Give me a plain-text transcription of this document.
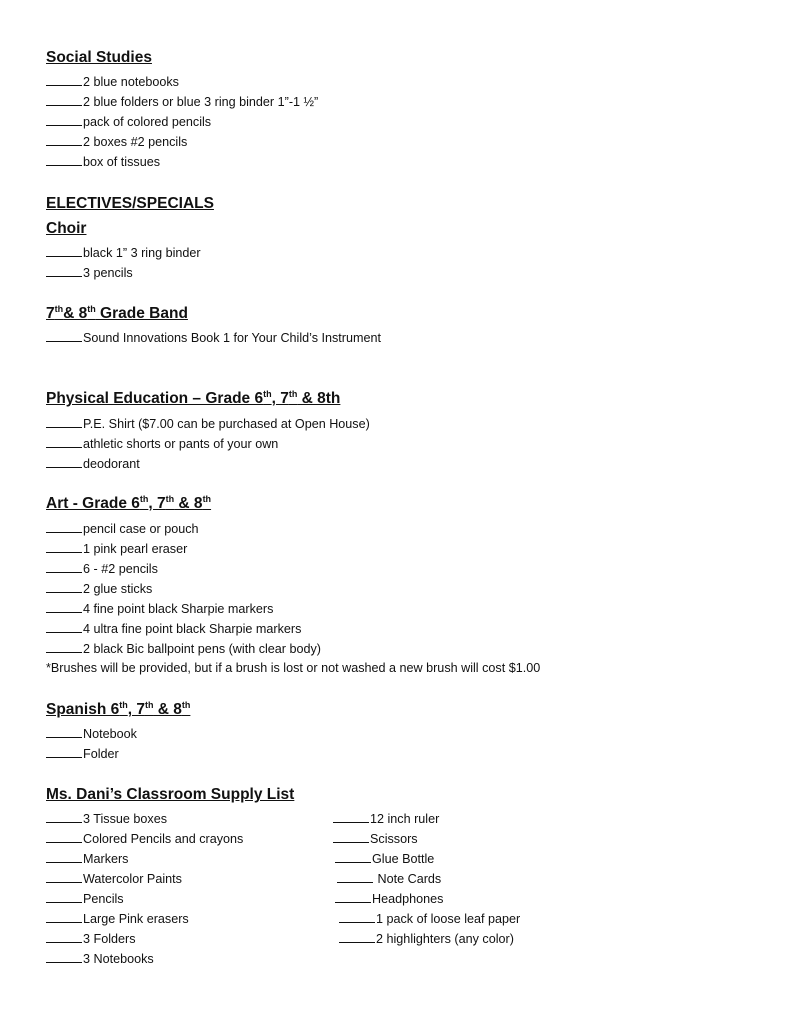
Social Studies
2 blue notebooks
2 blue folders or blue 3 ring binder 1”-1 ½”
pack of colored pencils
2 boxes #2 pencils
box of tissues
ELECTIVES/SPECIALS
Choir
black 1” 3 ring binder
3 pencils
7th& 8th Grade Band
Sound Innovations Book 1 for Your Child’s Instrument
Physical Education – Grade 6th, 7th & 8th
P.E. Shirt ($7.00 can be purchased at Open House)
athletic shorts or pants of your own
deodorant
Art - Grade 6th, 7th & 8th
pencil case or pouch
1 pink pearl eraser
6 - #2 pencils
2 glue sticks
4 fine point black Sharpie markers
4 ultra fine point black Sharpie markers
2 black Bic ballpoint pens (with clear body)
*Brushes will be provided, but if a brush is lost or not washed a new brush will cost $1.00
Spanish 6th, 7th & 8th
Notebook
Folder
Ms. Dani’s Classroom Supply List
3 Tissue boxes
Colored Pencils and crayons
Markers
Watercolor Paints
Pencils
Large Pink erasers
3 Folders
3 Notebooks
12 inch ruler
Scissors
Glue Bottle
Note Cards
Headphones
1 pack of loose leaf paper
2 highlighters (any color)
